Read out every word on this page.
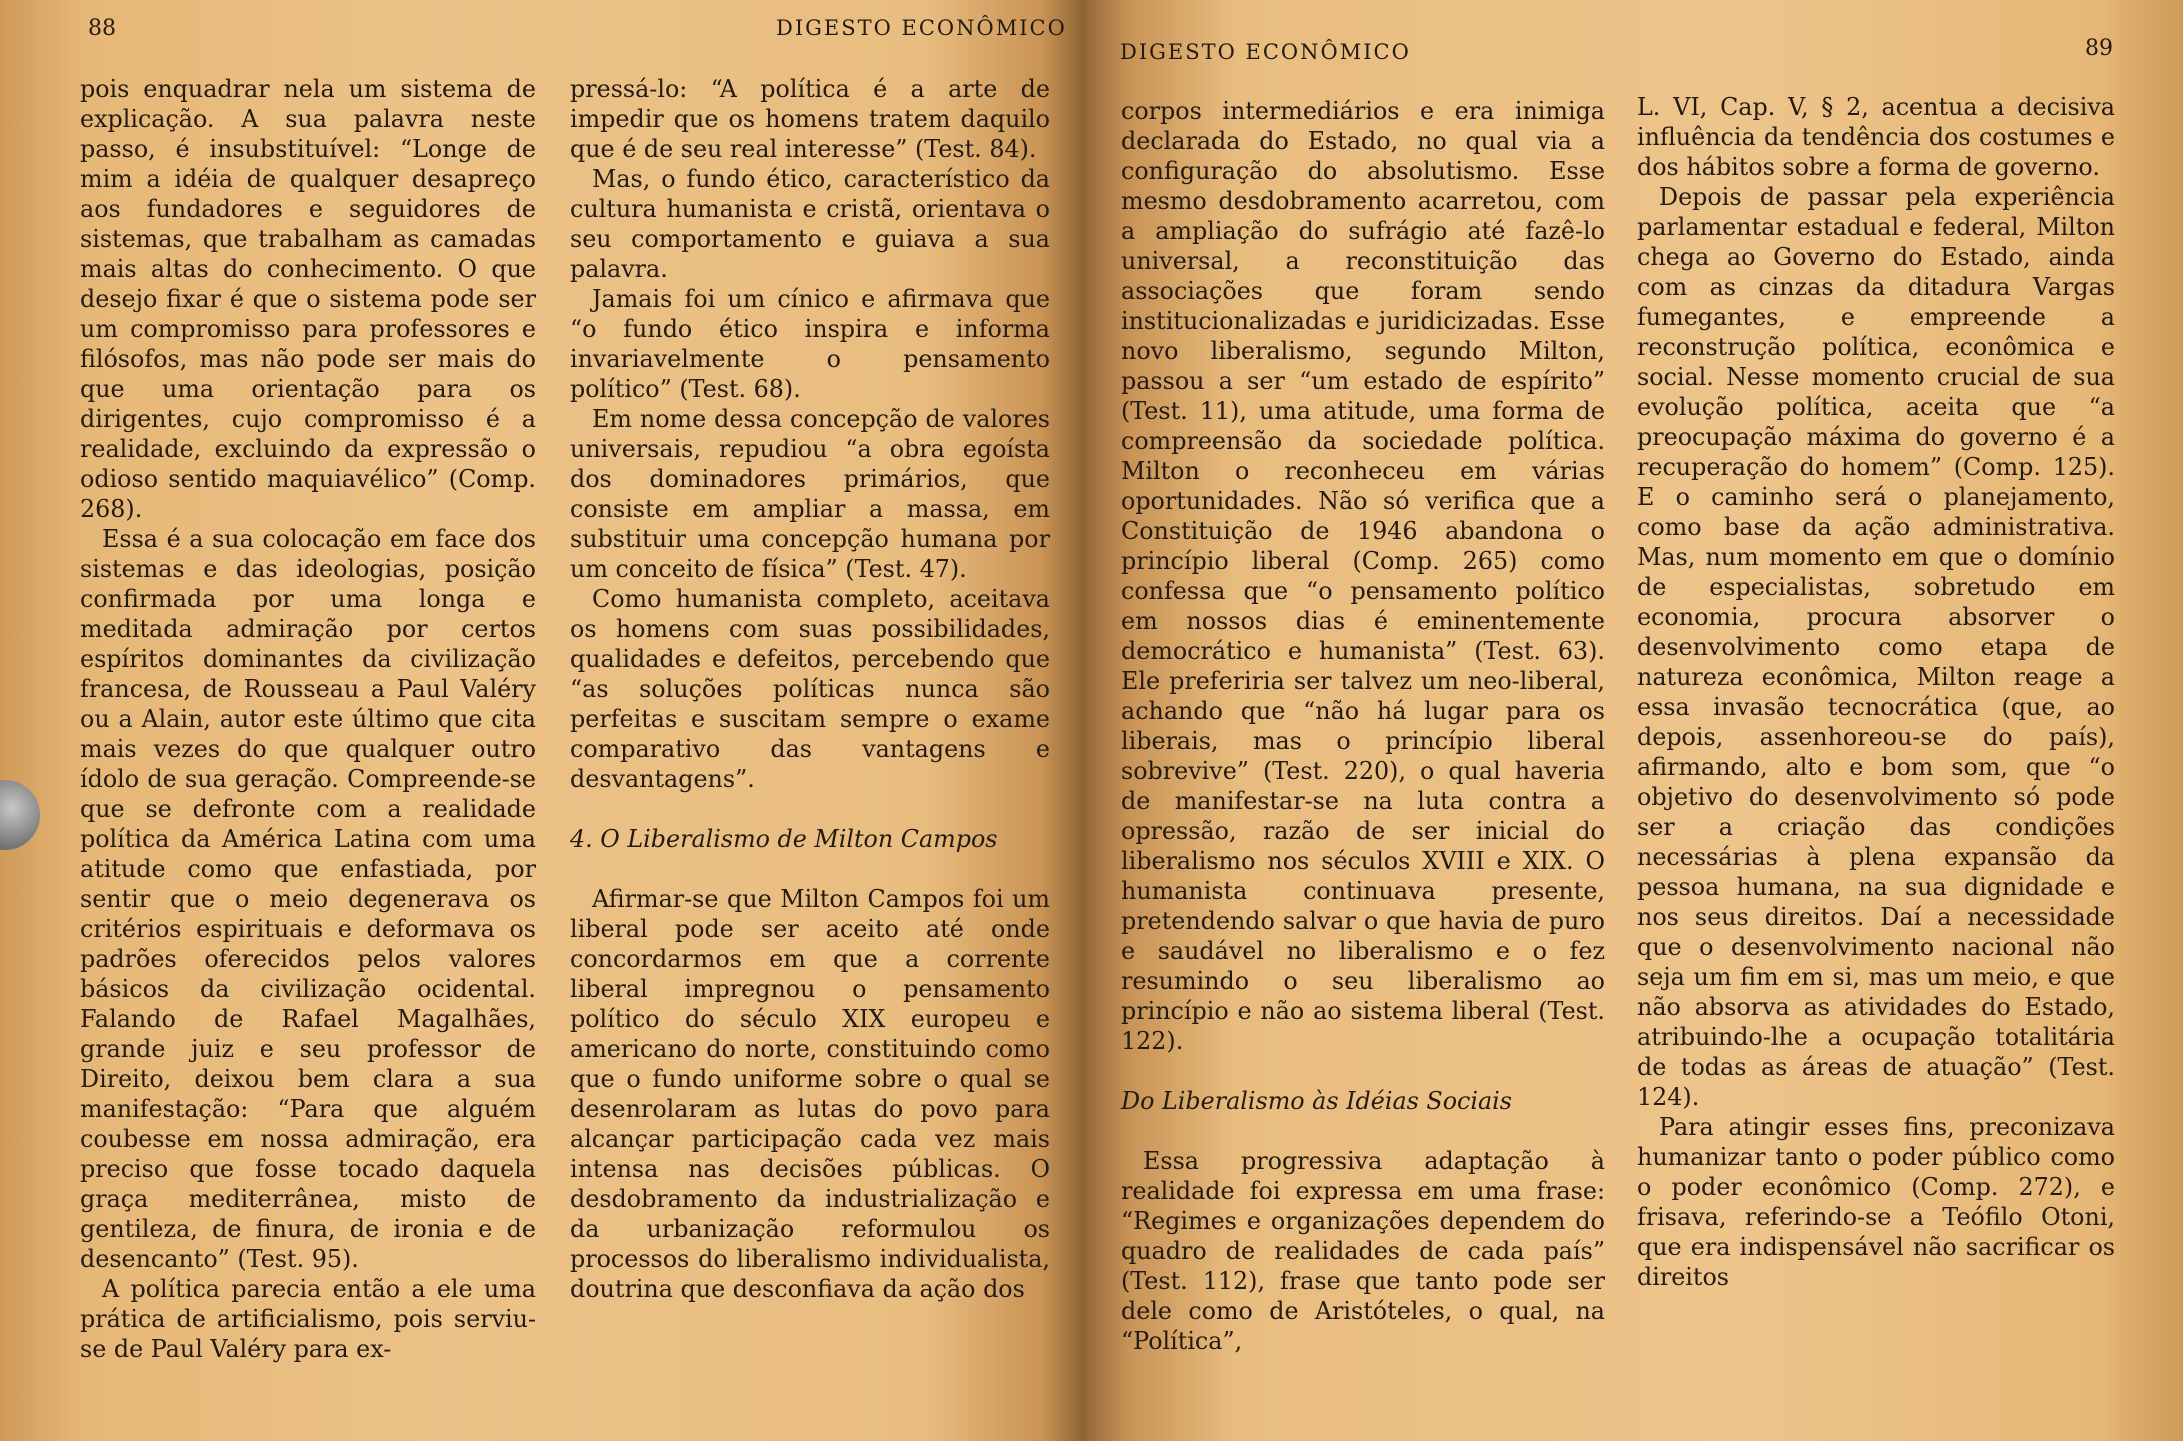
88	DIGESTO ECONÔMICO

pois enquadrar nela um sistema de explicação. A sua palavra neste passo, é insubstituível: “Longe de mim a idéia de qualquer desapreço aos fundadores e seguidores de sistemas, que trabalham as camadas mais altas do conhecimento. O que desejo fixar é que o sistema pode ser um compromisso para professores e filósofos, mas não pode ser mais do que uma orientação para os dirigentes, cujo compromisso é a realidade, excluindo da expressão o odioso sentido maquiavélico” (Comp. 268).

Essa é a sua colocação em face dos sistemas e das ideologias, posição confirmada por uma longa e meditada admiração por certos espíritos dominantes da civilização francesa, de Rousseau a Paul Valéry ou a Alain, autor este último que cita mais vezes do que qualquer outro ídolo de sua geração. Compreende-se que se defronte com a realidade política da América Latina com uma atitude como que enfastiada, por sentir que o meio degenerava os critérios espirituais e deformava os padrões oferecidos pelos valores básicos da civilização ocidental. Falando de Rafael Magalhães, grande juiz e seu professor de Direito, deixou bem clara a sua manifestação: “Para que alguém coubesse em nossa admiração, era preciso que fosse tocado daquela graça mediterrânea, misto de gentileza, de finura, de ironia e de desencanto” (Test. 95).

A política parecia então a ele uma prática de artificialismo, pois serviu-se de Paul Valéry para ex-

pressá-lo: “A política é a arte de impedir que os homens tratem daquilo que é de seu real interesse” (Test. 84).

Mas, o fundo ético, característico da cultura humanista e cristã, orientava o seu comportamento e guiava a sua palavra.

Jamais foi um cínico e afirmava que “o fundo ético inspira e informa invariavelmente o pensamento político” (Test. 68).

Em nome dessa concepção de valores universais, repudiou “a obra egoísta dos dominadores primários, que consiste em ampliar a massa, em substituir uma concepção humana por um conceito de física” (Test. 47).

Como humanista completo, aceitava os homens com suas possibilidades, qualidades e defeitos, percebendo que “as soluções políticas nunca são perfeitas e suscitam sempre o exame comparativo das vantagens e desvantagens”.

4. O Liberalismo de Milton Campos

Afirmar-se que Milton Campos foi um liberal pode ser aceito até onde concordarmos em que a corrente liberal impregnou o pensamento político do século XIX europeu e americano do norte, constituindo como que o fundo uniforme sobre o qual se desenrolaram as lutas do povo para alcançar participação cada vez mais intensa nas decisões públicas. O desdobramento da industrialização e da urbanização reformulou os processos do liberalismo individualista, doutrina que desconfiava da ação dos

DIGESTO ECONÔMICO	89

corpos intermediários e era inimiga declarada do Estado, no qual via a configuração do absolutismo. Esse mesmo desdobramento acarretou, com a ampliação do sufrágio até fazê-lo universal, a reconstituição das associações que foram sendo institucionalizadas e juridicizadas. Esse novo liberalismo, segundo Milton, passou a ser “um estado de espírito” (Test. 11), uma atitude, uma forma de compreensão da sociedade política. Milton o reconheceu em várias oportunidades. Não só verifica que a Constituição de 1946 abandona o princípio liberal (Comp. 265) como confessa que “o pensamento político em nossos dias é eminentemente democrático e humanista” (Test. 63). Ele preferiria ser talvez um neo-liberal, achando que “não há lugar para os liberais, mas o princípio liberal sobrevive” (Test. 220), o qual haveria de manifestar-se na luta contra a opressão, razão de ser inicial do liberalismo nos séculos XVIII e XIX. O humanista continuava presente, pretendendo salvar o que havia de puro e saudável no liberalismo e o fez resumindo o seu liberalismo ao princípio e não ao sistema liberal (Test. 122).

Do Liberalismo às Idéias Sociais

Essa progressiva adaptação à realidade foi expressa em uma frase: “Regimes e organizações dependem do quadro de realidades de cada país” (Test. 112), frase que tanto pode ser dele como de Aristóteles, o qual, na “Política”,

L. VI, Cap. V, § 2, acentua a decisiva influência da tendência dos costumes e dos hábitos sobre a forma de governo.

Depois de passar pela experiência parlamentar estadual e federal, Milton chega ao Governo do Estado, ainda com as cinzas da ditadura Vargas fumegantes, e empreende a reconstrução política, econômica e social. Nesse momento crucial de sua evolução política, aceita que “a preocupação máxima do governo é a recuperação do homem” (Comp. 125). E o caminho será o planejamento, como base da ação administrativa. Mas, num momento em que o domínio de especialistas, sobretudo em economia, procura absorver o desenvolvimento como etapa de natureza econômica, Milton reage a essa invasão tecnocrática (que, ao depois, assenhoreou-se do país), afirmando, alto e bom som, que “o objetivo do desenvolvimento só pode ser a criação das condições necessárias à plena expansão da pessoa humana, na sua dignidade e nos seus direitos. Daí a necessidade que o desenvolvimento nacional não seja um fim em si, mas um meio, e que não absorva as atividades do Estado, atribuindo-lhe a ocupação totalitária de todas as áreas de atuação” (Test. 124).

Para atingir esses fins, preconizava humanizar tanto o poder público como o poder econômico (Comp. 272), e frisava, referindo-se a Teófilo Otoni, que era indispensável não sacrificar os direitos
